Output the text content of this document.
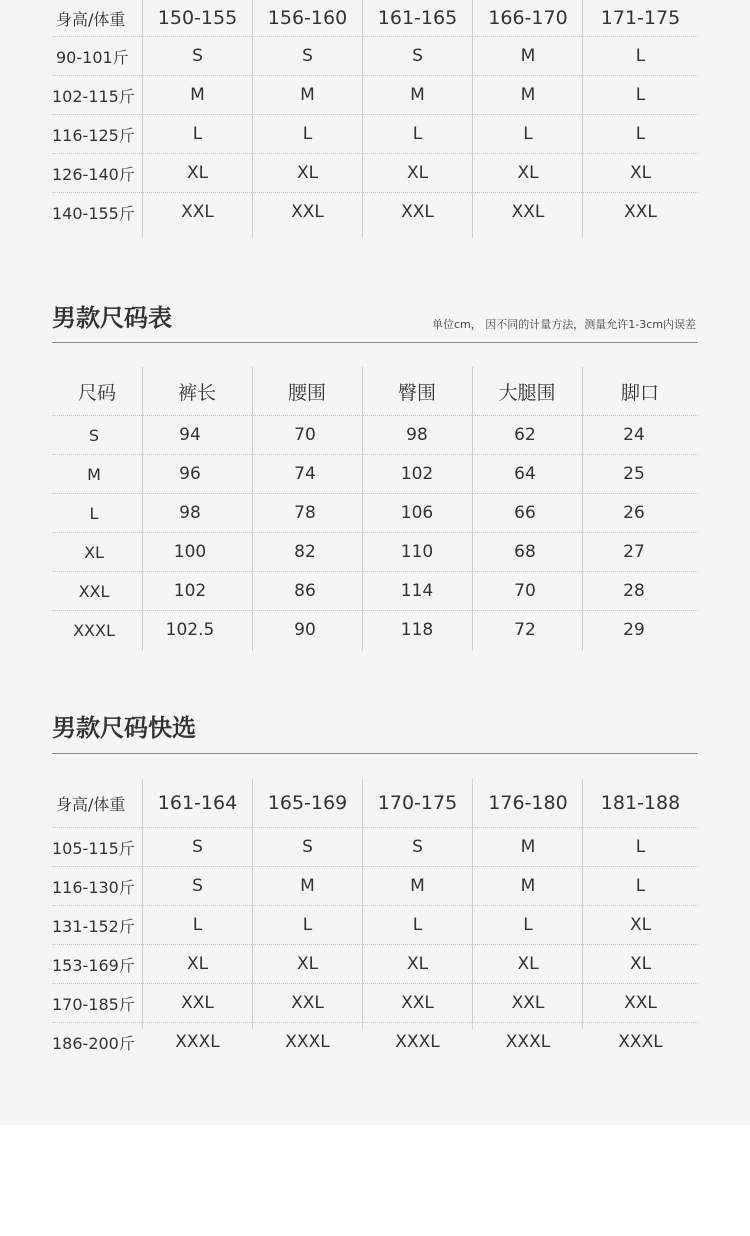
身高/体重	150-155	156-160	161-165	166-170	171-175
90-101斤	S	S	S	M	L
102-115斤	M	M	M	M	L
116-125斤	L	L	L	L	L
126-140斤	XL	XL	XL	XL	XL
140-155斤	XXL	XXL	XXL	XXL	XXL
男款尺码表	单位cm， 因不同的计量方法，测量允许1-3cm内误差
尺码	裤长	腰围	臀围	大腿围	脚口
S	94	70	98	62	24
M	96	74	102	64	25
L	98	78	106	66	26
XL	100	82	110	68	27
XXL	102	86	114	70	28
XXXL	102.5	90	118	72	29
男款尺码快选
身高/体重	161-164	165-169	170-175	176-180	181-188
105-115斤	S	S	S	M	L
116-130斤	S	M	M	M	L
131-152斤	L	L	L	L	XL
153-169斤	XL	XL	XL	XL	XL
170-185斤	XXL	XXL	XXL	XXL	XXL
186-200斤	XXXL	XXXL	XXXL	XXXL	XXXL
